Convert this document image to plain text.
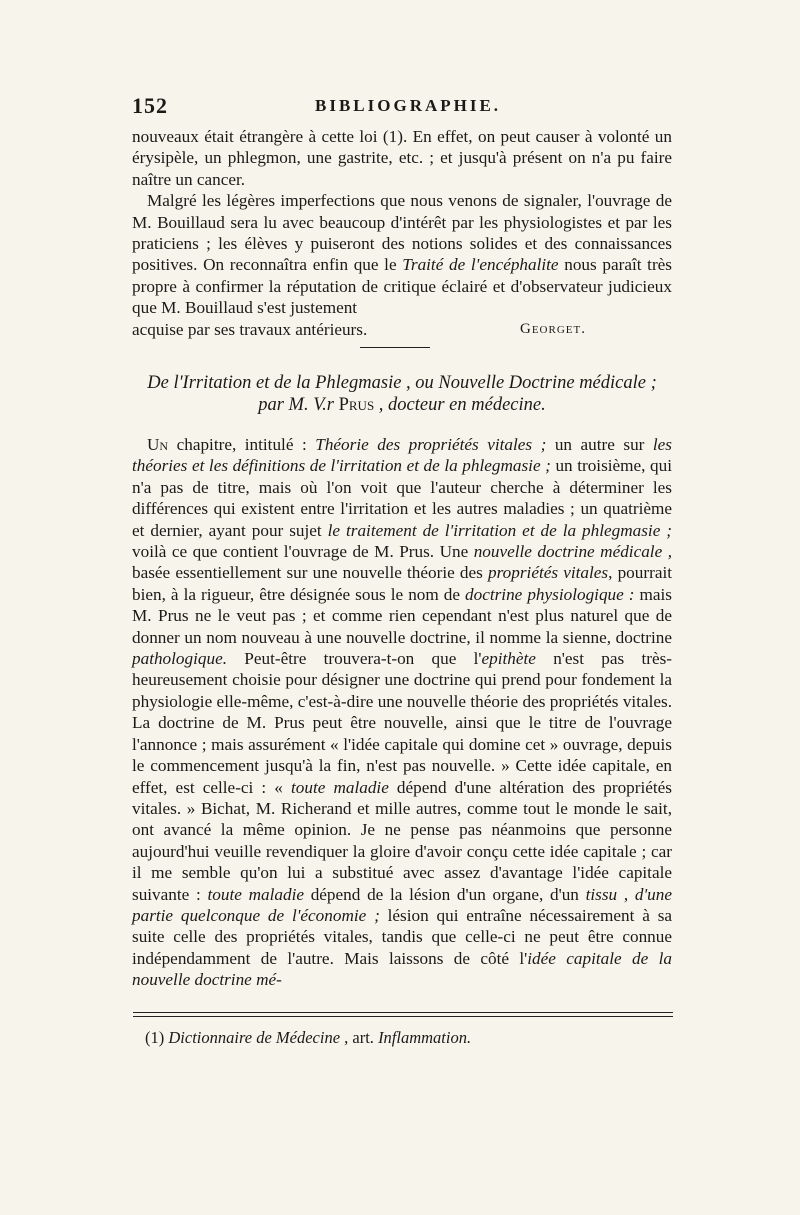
152	BIBLIOGRAPHIE.

nouveaux était étrangère à cette loi (1). En effet, on peut causer à volonté un érysipèle, un phlegmon, une gastrite, etc. ; et jusqu'à présent on n'a pu faire naître un cancer.

Malgré les légères imperfections que nous venons de signaler, l'ouvrage de M. Bouillaud sera lu avec beaucoup d'intérêt par les physiologistes et par les praticiens ; les élèves y puiseront des notions solides et des connaissances positives. On reconnaîtra enfin que le Traité de l'encéphalite nous paraît très propre à confirmer la réputation de critique éclairé et d'observateur judicieux que M. Bouillaud s'est justement

acquise par ses travaux antérieurs.	Georget.
De l'Irritation et de la Phlegmasie , ou Nouvelle Doctrine médicale ;
par M. V.r Prus , docteur en médecine.

Un chapitre, intitulé : Théorie des propriétés vitales ; un autre sur les théories et les définitions de l'irritation et de la phlegmasie ; un troisième, qui n'a pas de titre, mais où l'on voit que l'auteur cherche à déterminer les différences qui existent entre l'irritation et les autres maladies ; un quatrième et dernier, ayant pour sujet le traitement de l'irritation et de la phlegmasie ; voilà ce que contient l'ouvrage de M. Prus. Une nouvelle doctrine médicale , basée essentiellement sur une nouvelle théorie des propriétés vitales, pourrait bien, à la rigueur, être désignée sous le nom de doctrine physiologique : mais M. Prus ne le veut pas ; et comme rien cependant n'est plus naturel que de donner un nom nouveau à une nouvelle doctrine, il nomme la sienne, doctrine pathologique. Peut-être trouvera-t-on que l'epithète n'est pas très-heureusement choisie pour désigner une doctrine qui prend pour fondement la physiologie elle-même, c'est-à-dire une nouvelle théorie des propriétés vitales. La doctrine de M. Prus peut être nouvelle, ainsi que le titre de l'ouvrage l'annonce ; mais assurément « l'idée capitale qui domine cet » ouvrage, depuis le commencement jusqu'à la fin, n'est pas nouvelle. » Cette idée capitale, en effet, est celle-ci : « toute maladie dépend d'une altération des propriétés vitales. » Bichat, M. Richerand et mille autres, comme tout le monde le sait, ont avancé la même opinion. Je ne pense pas néanmoins que personne aujourd'hui veuille revendiquer la gloire d'avoir conçu cette idée capitale ; car il me semble qu'on lui a substitué avec assez d'avantage l'idée capitale suivante : toute maladie dépend de la lésion d'un organe, d'un tissu , d'une partie quelconque de l'économie ; lésion qui entraîne nécessairement à sa suite celle des propriétés vitales, tandis que celle-ci ne peut être connue indépendamment de l'autre. Mais laissons de côté l'idée capitale de la nouvelle doctrine mé-

(1) Dictionnaire de Médecine , art. Inflammation.
